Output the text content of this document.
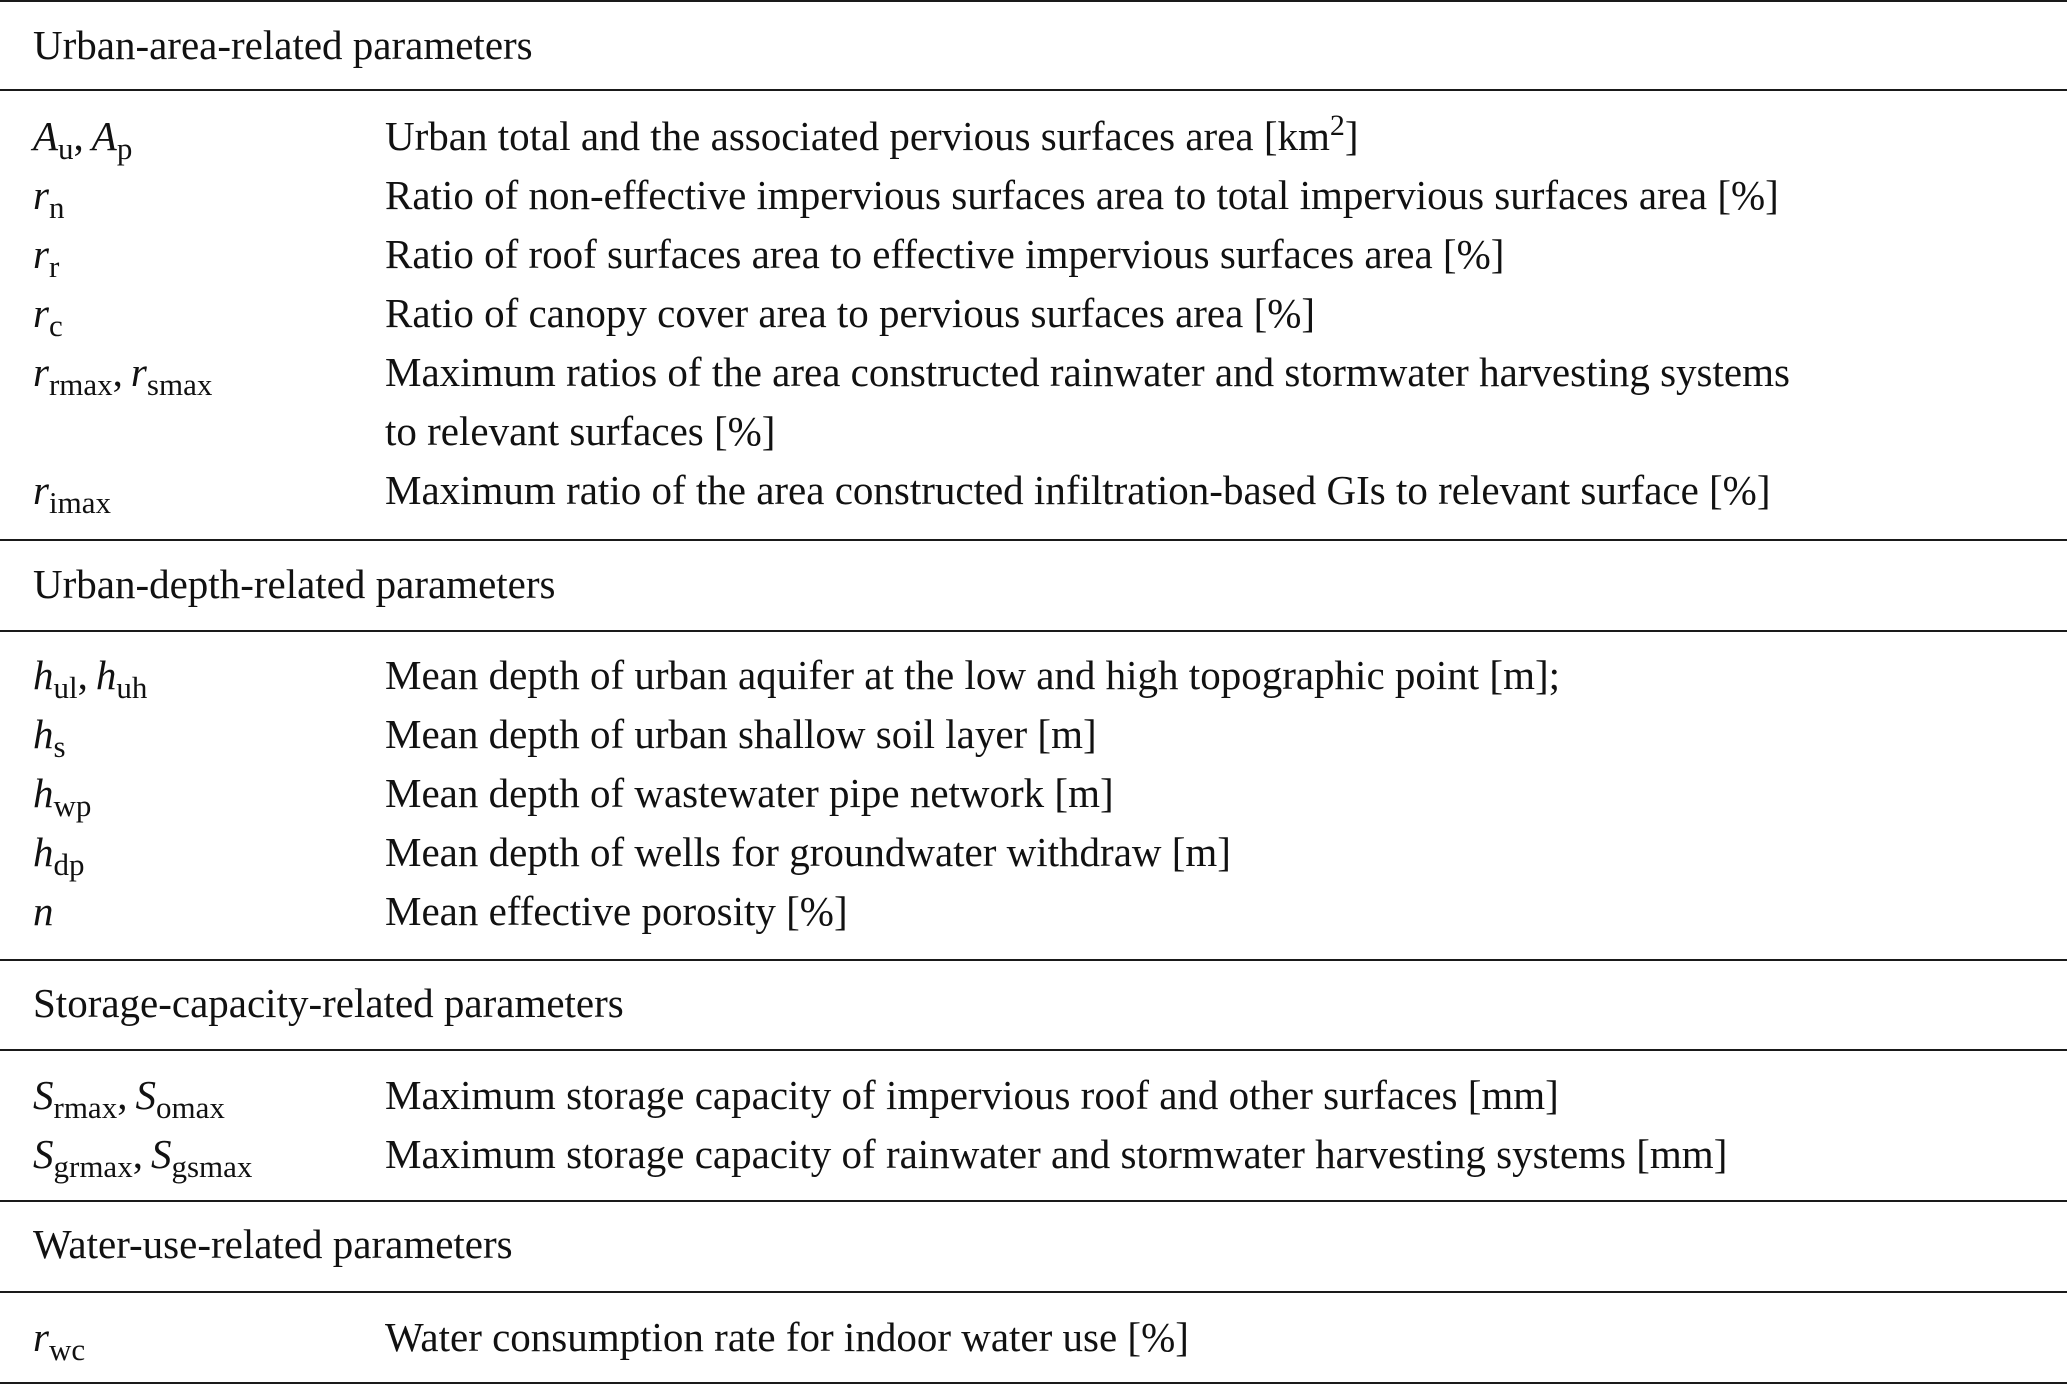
Urban-area-related parameters
$A_u$, $A_p$	Urban total and the associated pervious surfaces area $[km^2]$
$r_n$	Ratio of non-effective impervious surfaces area to total impervious surfaces area [%]
$r_r$	Ratio of roof surfaces area to effective impervious surfaces area [%]
$r_c$	Ratio of canopy cover area to pervious surfaces area [%]
$r_{rmax}$, $r_{smax}$	Maximum ratios of the area constructed rainwater and stormwater harvesting systems
to relevant surfaces [%]
$r_{imax}$	Maximum ratio of the area constructed infiltration-based GIs to relevant surface [%]
Urban-depth-related parameters
$h_{ul}$, $h_{uh}$	Mean depth of urban aquifer at the low and high topographic point [m];
$h_s$	Mean depth of urban shallow soil layer [m]
$h_{wp}$	Mean depth of wastewater pipe network [m]
$h_{dp}$	Mean depth of wells for groundwater withdraw [m]
n	Mean effective porosity [%]
Storage-capacity-related parameters
$S_{rmax}$, $S_{omax}$	Maximum storage capacity of impervious roof and other surfaces [mm]
$S_{grmax}$, $S_{gsmax}$	Maximum storage capacity of rainwater and stormwater harvesting systems [mm]
Water-use-related parameters
$r_{wc}$	Water consumption rate for indoor water use [%]
